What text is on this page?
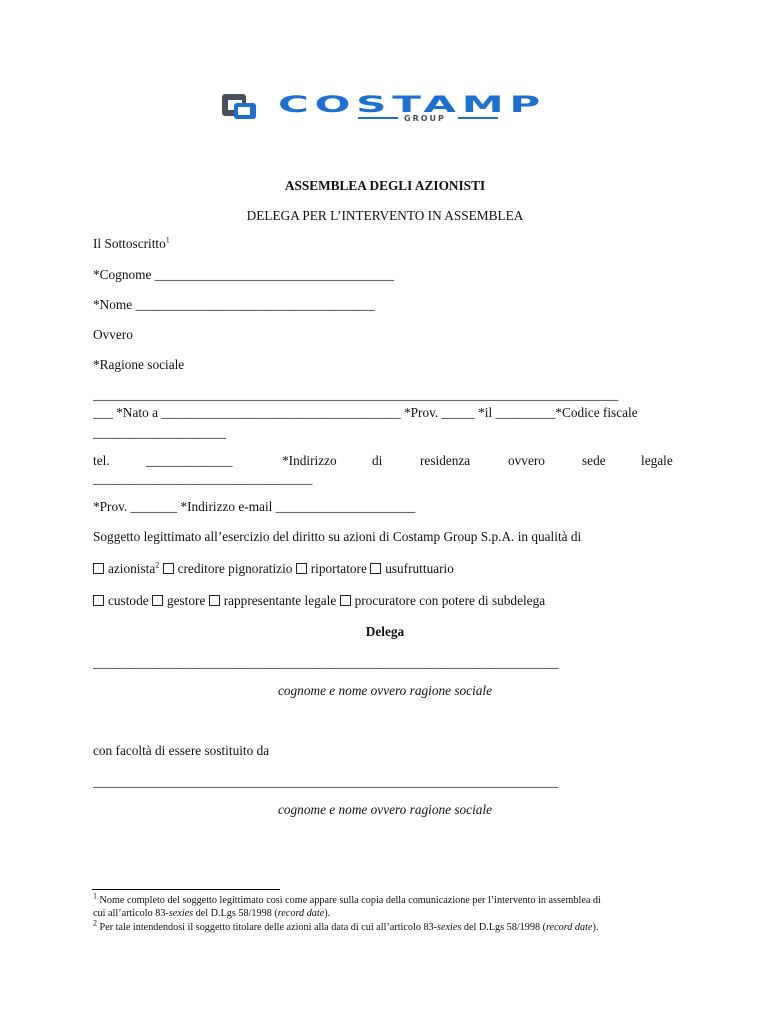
COSTAMP
GROUP
ASSEMBLEA DEGLI AZIONISTI
DELEGA PER L’INTERVENTO IN ASSEMBLEA
Il Sottoscritto$^1$
*Cognome ____________________________________
*Nome ____________________________________
Ovvero
*Ragione sociale
_______________________________________________________________________________
___ *Nato a ____________________________________ *Prov. _____ *il _________*Codice fiscale
____________________
tel.	_____________	*Indirizzo	di	residenza	ovvero	sede	legale
_________________________________
*Prov. _______ *Indirizzo e-mail _____________________
Soggetto legittimato all’esercizio del diritto su azioni di Costamp Group S.p.A. in qualità di
azionista$^2$ creditore pignoratizio riportatore usufruttuario
custode gestore rappresentante legale procuratore con potere di subdelega
Delega
______________________________________________________________________
cognome e nome ovvero ragione sociale
con facoltà di essere sostituito da
______________________________________________________________________
cognome e nome ovvero ragione sociale
$^1$ Nome completo del soggetto legittimato così come appare sulla copia della comunicazione per l’intervento in assemblea di
cui all’articolo 83-sexies del D.Lgs 58/1998 (record date).
$^2$ Per tale intendendosi il soggetto titolare delle azioni alla data di cui all’articolo 83-sexies del D.Lgs 58/1998 (record date).
